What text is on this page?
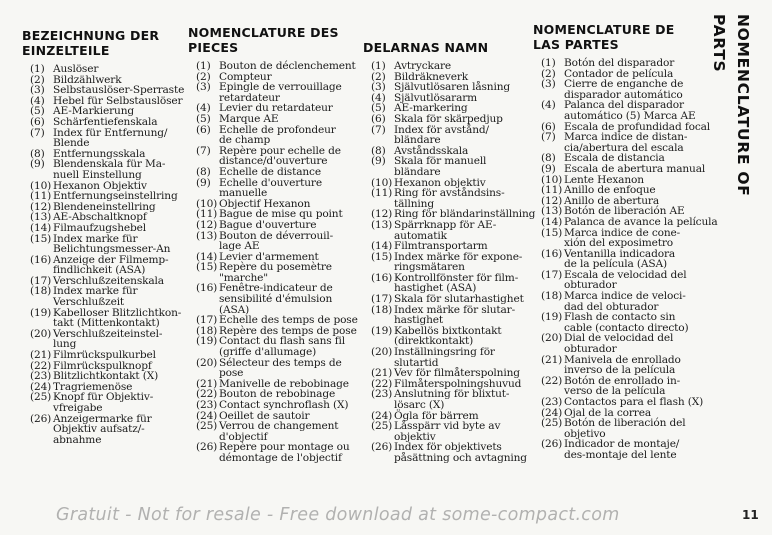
BEZEICHNUNG DER
EINZELTEILE
(1) Auslöser
(2) Bildzählwerk
(3) Selbstauslöser-Sperraste
(4) Hebel für Selbstauslöser
(5) AE-Markierung
(6) Schärfentiefenskala
(7) Index für Entfernung/
Blende
(8) Entfernungsskala
(9) Blendenskala für Ma-
nuell Einstellung
(10) Hexanon Objektiv
(11) Entfernungseinstellring
(12) Blendeneinstellring
(13) AE-Abschaltknopf
(14) Filmaufzugshebel
(15) Index marke für
Belichtungsmesser-An
(16) Anzeige der Filmemp-
findlichkeit (ASA)
(17) Verschlußzeitenskala
(18) Index marke für
Verschlußzeit
(19) Kabelloser Blitzlichtkon-
takt (Mittenkontakt)
(20) Verschlußzeiteinstel-
lung
(21) Filmrückspulkurbel
(22) Filmrückspulknopf
(23) Blitzlichtkontakt (X)
(24) Tragriemenöse
(25) Knopf für Objektiv-
vfreigabe
(26) Anzeigermarke für
Objektiv aufsatz/-
abnahme
NOMENCLATURE DES
PIECES
(1) Bouton de déclenchement
(2) Compteur
(3) Epingle de verrouillage
retardateur
(4) Levier du retardateur
(5) Marque AE
(6) Echelle de profondeur
de champ
(7) Repère pour echelle de
distance/d'ouverture
(8) Echelle de distance
(9) Echelle d'ouverture
manuelle
(10) Objectif Hexanon
(11) Bague de mise qu point
(12) Bague d'ouverture
(13) Bouton de déverrouil-
lage AE
(14) Levier d'armement
(15) Repère du posemètre
"marche"
(16) Fenêtre-indicateur de
sensibilité d'émulsion
(ASA)
(17) Echelle des temps de pose
(18) Repère des temps de pose
(19) Contact du flash sans fil
(griffe d'allumage)
(20) Sélecteur des temps de
pose
(21) Manivelle de rebobinage
(22) Bouton de rebobinage
(23) Contact synchroflash (X)
(24) Oeillet de sautoir
(25) Verrou de changement
d'objectif
(26) Repère pour montage ou
démontage de l'objectif
DELARNAS NAMN
(1) Avtryckare
(2) Bildräkneverk
(3) Självutlösaren låsning
(4) Självutlösararm
(5) AE-markering
(6) Skala för skärpedjup
(7) Index för avstånd/
bländare
(8) Avståndsskala
(9) Skala för manuell
bländare
(10) Hexanon objektiv
(11) Ring för avståndsins-
tällning
(12) Ring för bländarinställning
(13) Spärrknapp för AE-
automatik
(14) Filmtransportarm
(15) Index märke för expone-
ringsmätaren
(16) Kontrollfönster för film-
hastighet (ASA)
(17) Skala för slutarhastighet
(18) Index märke för slutar-
hastighet
(19) Kabellös bixtkontakt
(direktkontakt)
(20) Inställningsring för
slutartid
(21) Vev för filmåterspolning
(22) Filmåterspolningshuvud
(23) Anslutning för blixtut-
lösarc (X)
(24) Ögla för bärrem
(25) Låsspärr vid byte av
objektiv
(26) Index för objektivets
påsättning och avtagning
NOMENCLATURE DE
LAS PARTES
(1) Botón del disparador
(2) Contador de película
(3) Cierre de enganche de
disparador automático
(4) Palanca del disparador
automático (5) Marca AE
(6) Escala de profundidad focal
(7) Marca indice de distan-
cia/abertura del escala
(8) Escala de distancia
(9) Escala de abertura manual
(10) Lente Hexanon
(11) Anillo de enfoque
(12) Anillo de abertura
(13) Botón de liberación AE
(14) Palanca de avance la película
(15) Marca indice de cone-
xión del exposimetro
(16) Ventanilla indicadora
de la película (ASA)
(17) Escala de velocidad del
obturador
(18) Marca indice de veloci-
dad del obturador
(19) Flash de contacto sin
cable (contacto directo)
(20) Dial de velocidad del
obturador
(21) Manivela de enrollado
inverso de la película
(22) Botón de enrollado in-
verso de la película
(23) Contactos para el flash (X)
(24) Ojal de la correa
(25) Botón de liberación del
objetivo
(26) Indicador de montaje/
des-montaje del lente
NOMENCLATURE OF PARTS
Gratuit - Not for resale - Free download at some-compact.com	11
